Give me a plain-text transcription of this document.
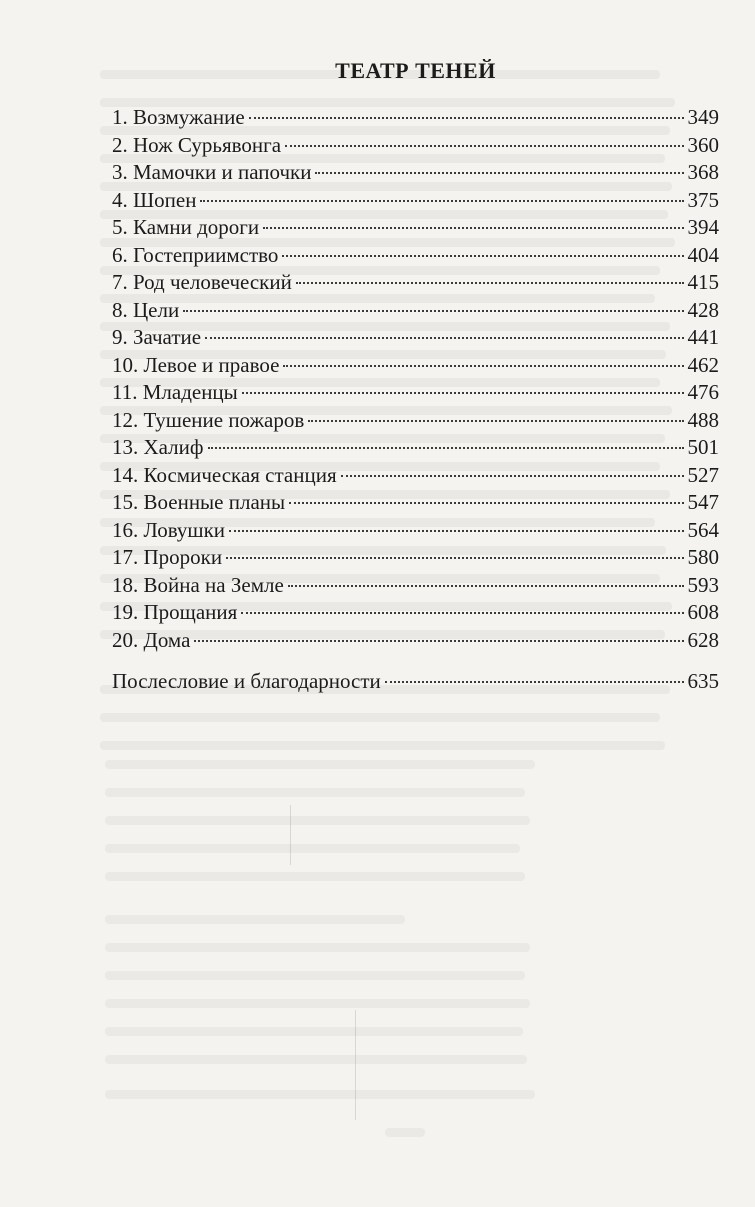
ТЕАТР ТЕНЕЙ
1. Возмужание	349
2. Нож Сурьявонга	360
3. Мамочки и папочки	368
4. Шопен	375
5. Камни дороги	394
6. Гостеприимство	404
7. Род человеческий	415
8. Цели	428
9. Зачатие	441
10. Левое и правое	462
11. Младенцы	476
12. Тушение пожаров	488
13. Халиф	501
14. Космическая станция	527
15. Военные планы	547
16. Ловушки	564
17. Пророки	580
18. Война на Земле	593
19. Прощания	608
20. Дома	628
Послесловие и благодарности	635
